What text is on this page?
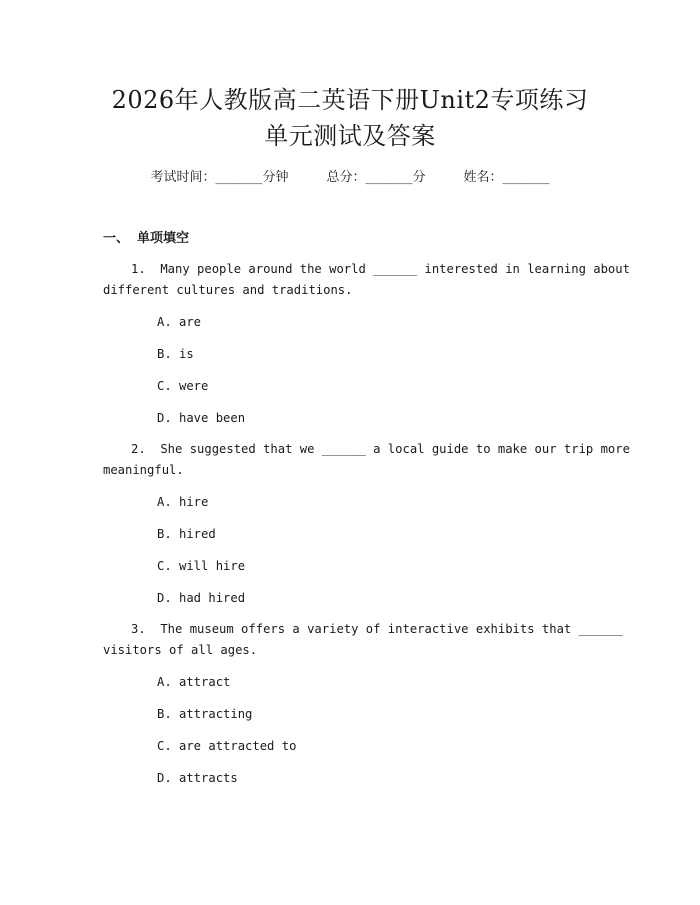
2026年人教版高二英语下册Unit2专项练习
单元测试及答案
考试时间：______分钟	总分：______分	姓名：______
一、 单项填空
1.  Many people around the world ______ interested in learning about
different cultures and traditions.
A. are
B. is
C. were
D. have been
2.  She suggested that we ______ a local guide to make our trip more
meaningful.
A. hire
B. hired
C. will hire
D. had hired
3.  The museum offers a variety of interactive exhibits that ______
visitors of all ages.
A. attract
B. attracting
C. are attracted to
D. attracts
